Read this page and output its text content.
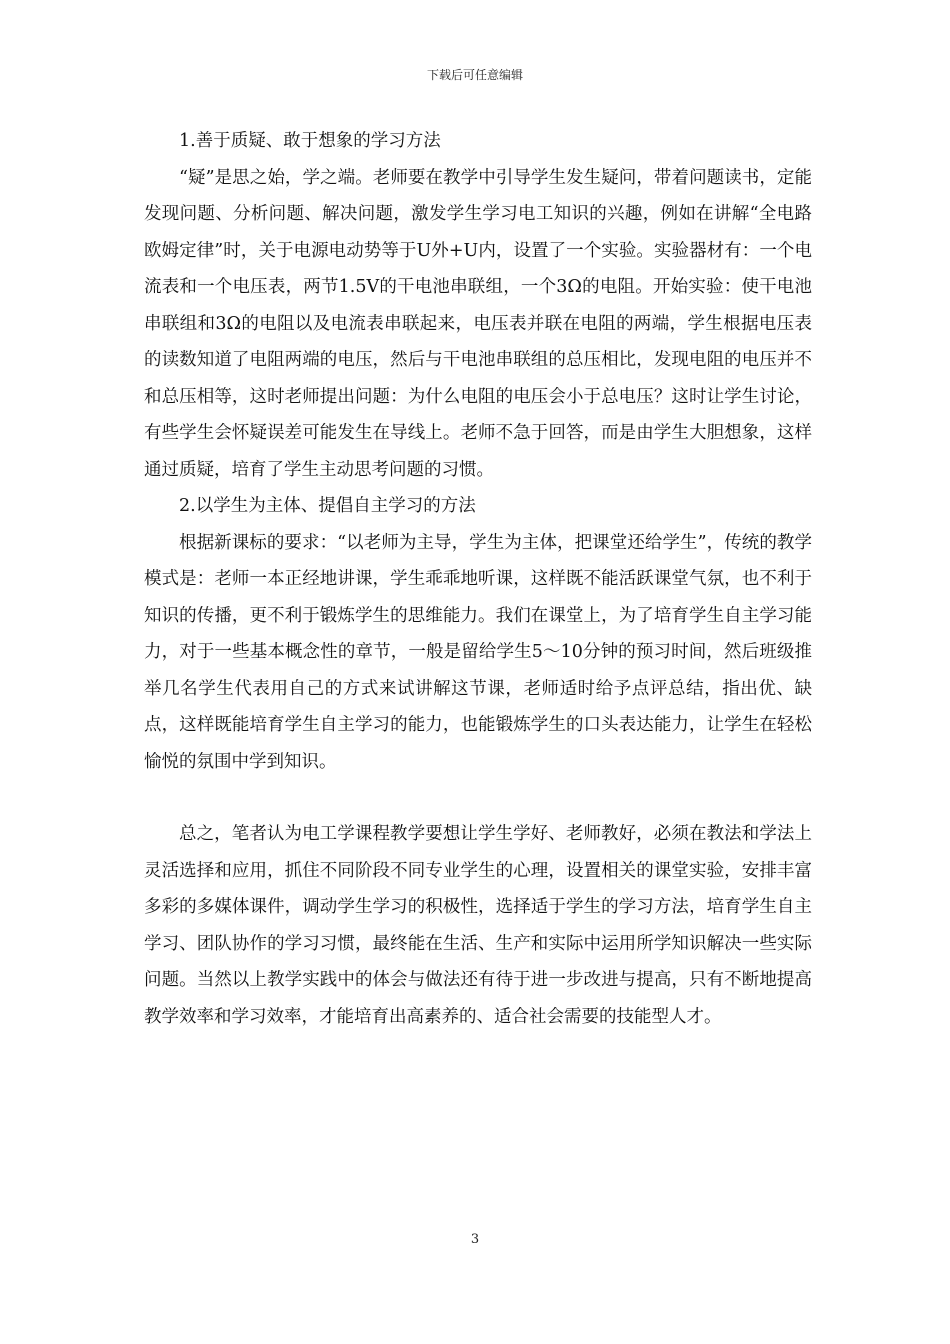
下载后可任意编辑

1.善于质疑、敢于想象的学习方法

“疑”是思之始，学之端。老师要在教学中引导学生发生疑问，带着问题读书，定能发现问题、分析问题、解决问题，激发学生学习电工知识的兴趣，例如在讲解“全电路欧姆定律”时，关于电源电动势等于U外+U内，设置了一个实验。实验器材有：一个电流表和一个电压表，两节1.5V的干电池串联组，一个3Ω的电阻。开始实验：使干电池串联组和3Ω的电阻以及电流表串联起来，电压表并联在电阻的两端，学生根据电压表的读数知道了电阻两端的电压，然后与干电池串联组的总压相比，发现电阻的电压并不和总压相等，这时老师提出问题：为什么电阻的电压会小于总电压？这时让学生讨论，有些学生会怀疑误差可能发生在导线上。老师不急于回答，而是由学生大胆想象，这样通过质疑，培育了学生主动思考问题的习惯。

2.以学生为主体、提倡自主学习的方法

根据新课标的要求：“以老师为主导，学生为主体，把课堂还给学生”，传统的教学模式是：老师一本正经地讲课，学生乖乖地听课，这样既不能活跃课堂气氛，也不利于知识的传播，更不利于锻炼学生的思维能力。我们在课堂上，为了培育学生自主学习能力，对于一些基本概念性的章节，一般是留给学生5～10分钟的预习时间，然后班级推举几名学生代表用自己的方式来试讲解这节课，老师适时给予点评总结，指出优、缺点，这样既能培育学生自主学习的能力，也能锻炼学生的口头表达能力，让学生在轻松愉悦的氛围中学到知识。

总之，笔者认为电工学课程教学要想让学生学好、老师教好，必须在教法和学法上灵活选择和应用，抓住不同阶段不同专业学生的心理，设置相关的课堂实验，安排丰富多彩的多媒体课件，调动学生学习的积极性，选择适于学生的学习方法，培育学生自主学习、团队协作的学习习惯，最终能在生活、生产和实际中运用所学知识解决一些实际问题。当然以上教学实践中的体会与做法还有待于进一步改进与提高，只有不断地提高教学效率和学习效率，才能培育出高素养的、适合社会需要的技能型人才。

3
